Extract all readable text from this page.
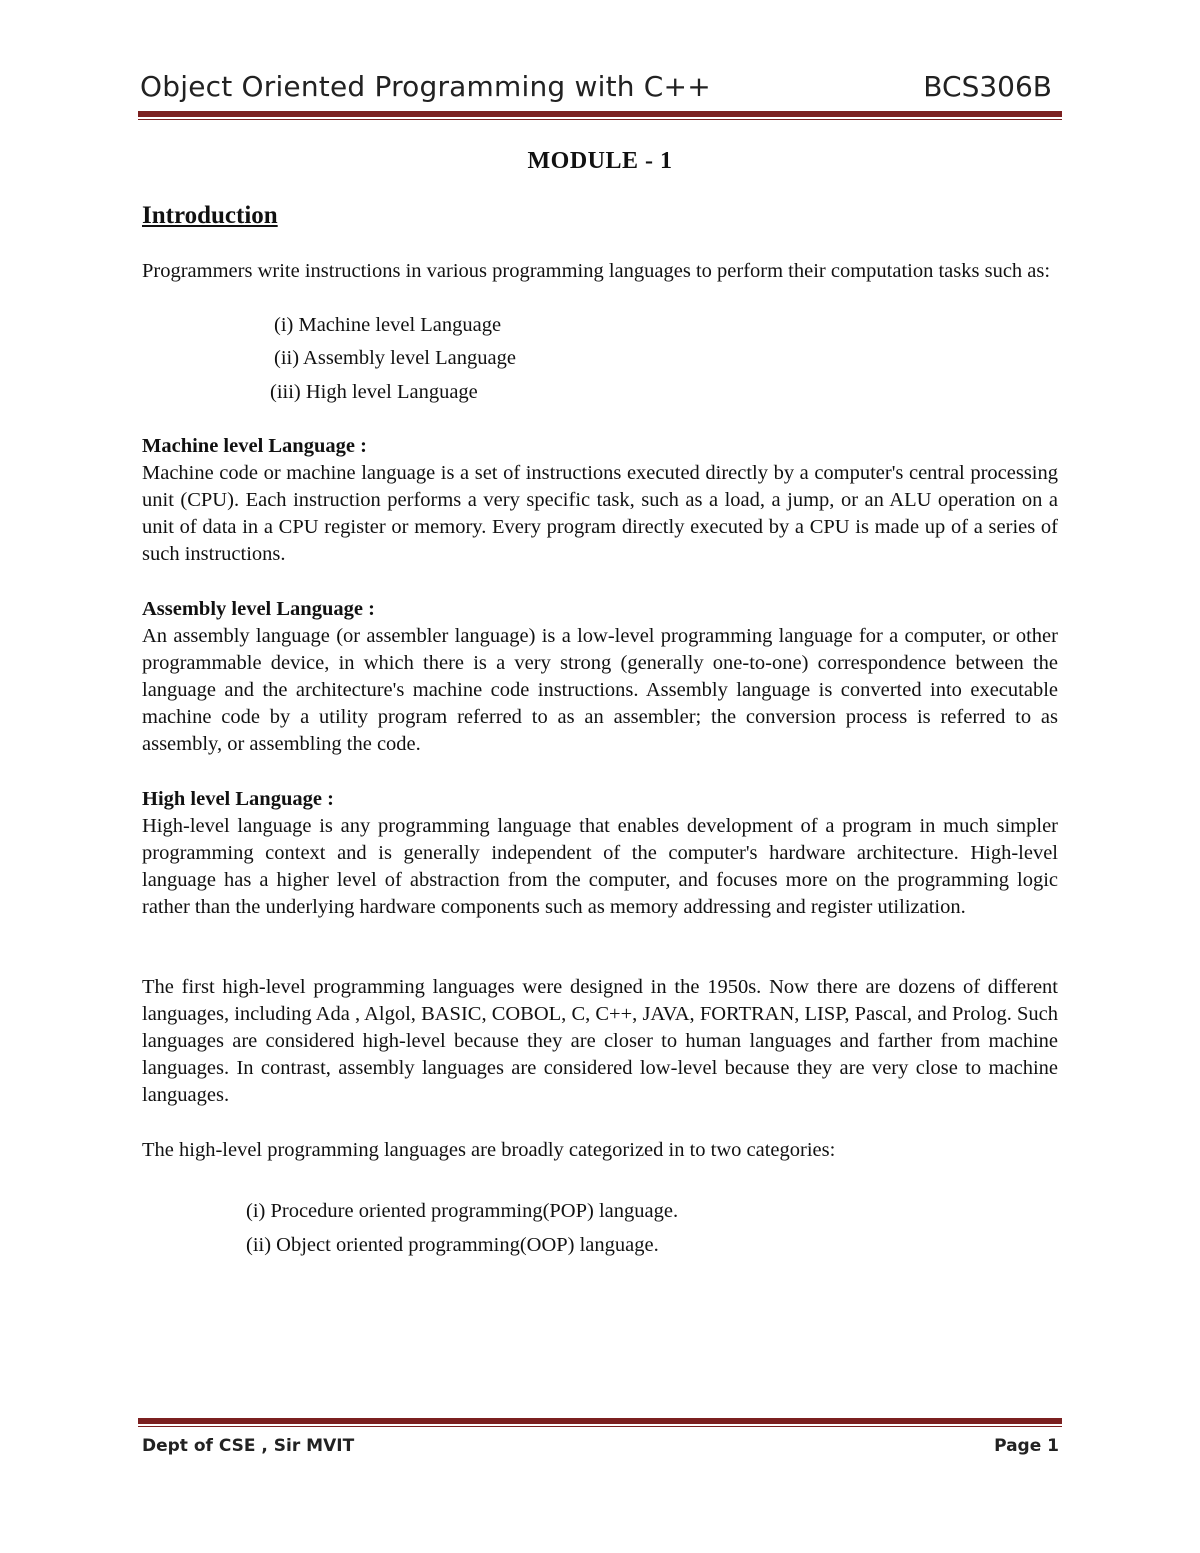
Object Oriented Programming with C++	BCS306B
MODULE - 1
Introduction
Programmers write instructions in various programming languages to perform their computation tasks such as:
(i) Machine level Language
(ii) Assembly level Language
(iii) High level Language
Machine level Language :
Machine code or machine language is a set of instructions executed directly by a computer's central processing unit (CPU). Each instruction performs a very specific task, such as a load, a jump, or an ALU operation on a unit of data in a CPU register or memory. Every program directly executed by a CPU is made up of a series of such instructions.
Assembly level Language :
An assembly language (or assembler language) is a low-level programming language for a computer, or other programmable device, in which there is a very strong (generally one-to-one) correspondence between the language and the architecture's machine code instructions. Assembly language is converted into executable machine code by a utility program referred to as an assembler; the conversion process is referred to as assembly, or assembling the code.
High level Language :
High-level language is any programming language that enables development of a program in much simpler programming context and is generally independent of the computer's hardware architecture. High-level language has a higher level of abstraction from the computer, and focuses more on the programming logic rather than the underlying hardware components such as memory addressing and register utilization.
The first high-level programming languages were designed in the 1950s. Now there are dozens of different languages, including Ada , Algol, BASIC, COBOL, C, C++, JAVA, FORTRAN, LISP, Pascal, and Prolog. Such languages are considered high-level because they are closer to human languages and farther from machine languages. In contrast, assembly languages are considered low-level because they are very close to machine languages.
The high-level programming languages are broadly categorized in to two categories:
(i) Procedure oriented programming(POP) language.
(ii) Object oriented programming(OOP) language.
Dept of CSE , Sir MVIT	Page 1
